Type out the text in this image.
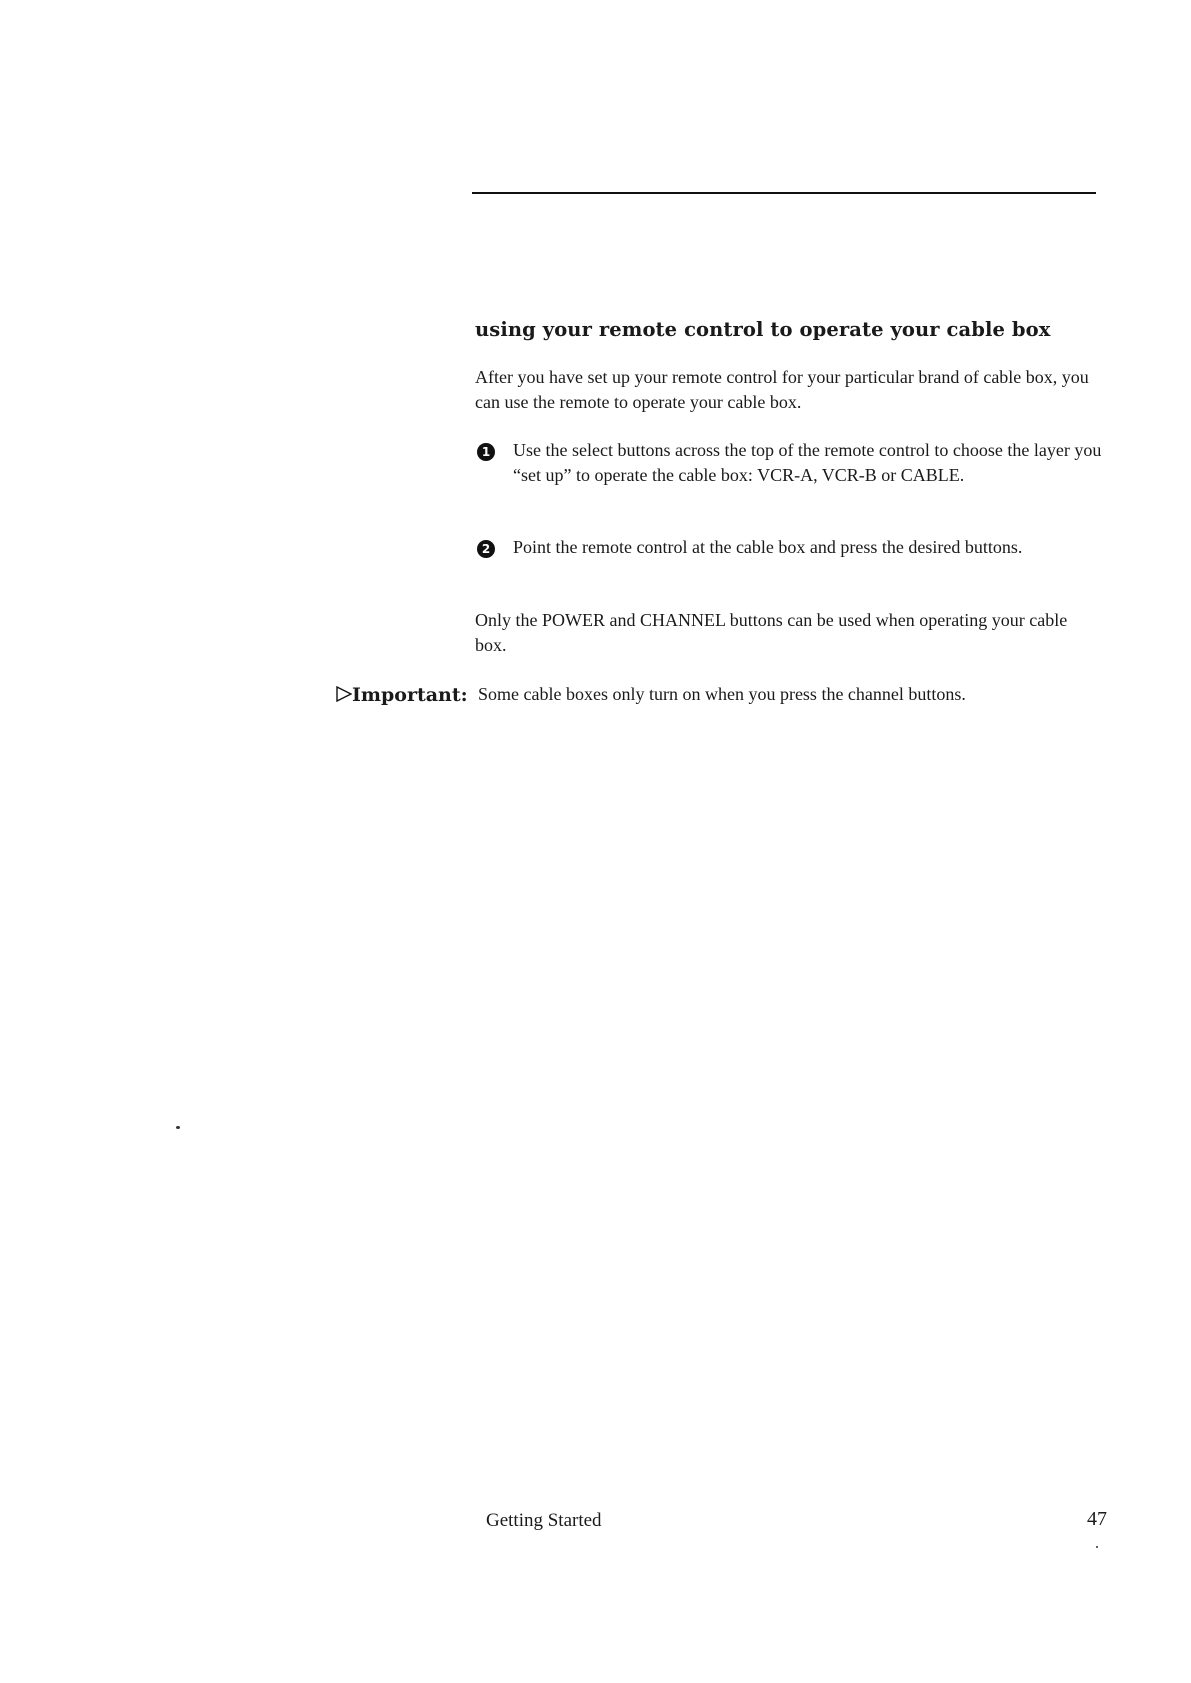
using your remote control to operate your cable box
After you have set up your remote control for your particular brand of cable box, you can use the remote to operate your cable box.
1 Use the select buttons across the top of the remote control to choose the layer you “set up” to operate the cable box: VCR-A, VCR-B or CABLE.
2 Point the remote control at the cable box and press the desired buttons.
Only the POWER and CHANNEL buttons can be used when operating your cable box.
Important: Some cable boxes only turn on when you press the channel buttons.
Getting Started	47
